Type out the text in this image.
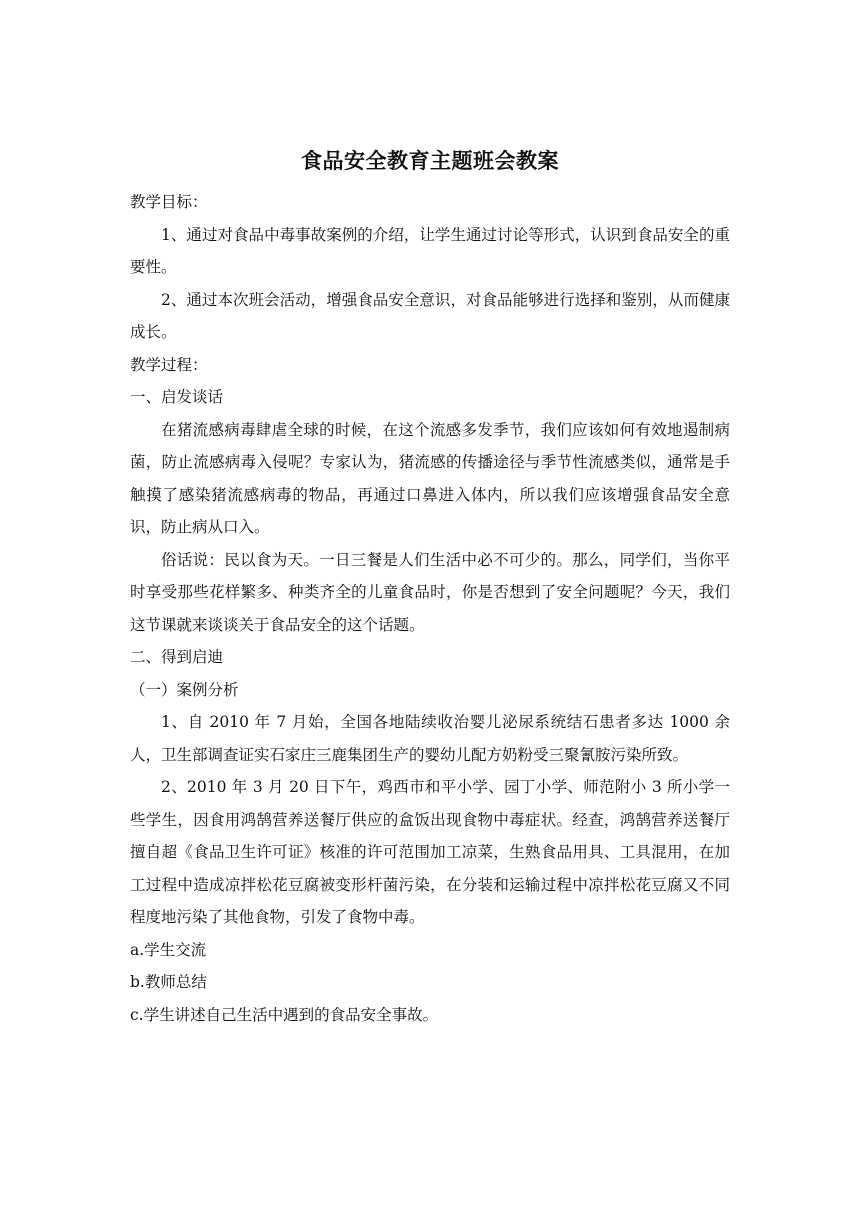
食品安全教育主题班会教案

教学目标：

1、通过对食品中毒事故案例的介绍，让学生通过讨论等形式，认识到食品安全的重要性。

2、通过本次班会活动，增强食品安全意识，对食品能够进行选择和鉴别，从而健康成长。

教学过程：

一、启发谈话

在猪流感病毒肆虐全球的时候，在这个流感多发季节，我们应该如何有效地遏制病菌，防止流感病毒入侵呢？专家认为，猪流感的传播途径与季节性流感类似，通常是手触摸了感染猪流感病毒的物品，再通过口鼻进入体内，所以我们应该增强食品安全意识，防止病从口入。

俗话说：民以食为天。一日三餐是人们生活中必不可少的。那么，同学们，当你平时享受那些花样繁多、种类齐全的儿童食品时，你是否想到了安全问题呢？今天，我们这节课就来谈谈关于食品安全的这个话题。

二、得到启迪

（一）案例分析

1、自 2010 年 7 月始，全国各地陆续收治婴儿泌尿系统结石患者多达 1000 余人，卫生部调查证实石家庄三鹿集团生产的婴幼儿配方奶粉受三聚氰胺污染所致。

2、2010 年 3 月 20 日下午，鸡西市和平小学、园丁小学、师范附小 3 所小学一些学生，因食用鸿鹄营养送餐厅供应的盒饭出现食物中毒症状。经查，鸿鹄营养送餐厅擅自超《食品卫生许可证》核准的许可范围加工凉菜，生熟食品用具、工具混用，在加工过程中造成凉拌松花豆腐被变形杆菌污染，在分装和运输过程中凉拌松花豆腐又不同程度地污染了其他食物，引发了食物中毒。

a.学生交流

b.教师总结

c.学生讲述自己生活中遇到的食品安全事故。
